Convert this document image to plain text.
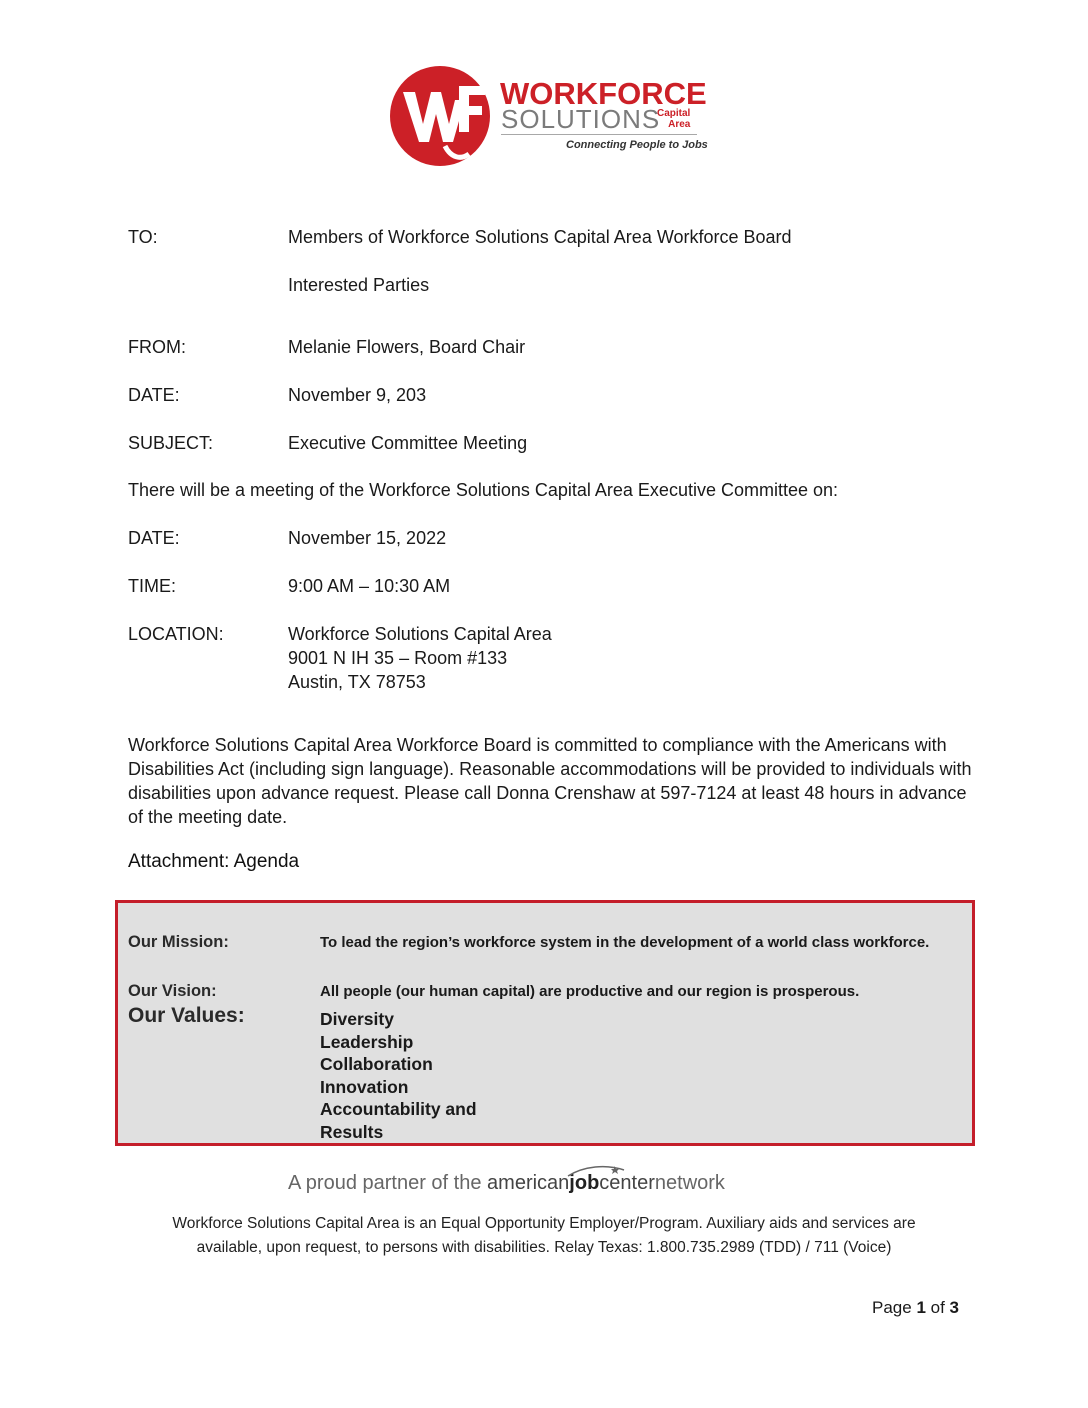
WORKFORCE
SOLUTIONS
Capital
Area
Connecting People to Jobs
TO:	Members of Workforce Solutions Capital Area Workforce Board
Interested Parties
FROM:	Melanie Flowers, Board Chair
DATE:	November 9, 203
SUBJECT:	Executive Committee Meeting
There will be a meeting of the Workforce Solutions Capital Area Executive Committee on:
DATE:	November 15, 2022
TIME:	9:00 AM – 10:30 AM
LOCATION:	Workforce Solutions Capital Area
9001 N IH 35 – Room #133
Austin, TX 78753
Workforce Solutions Capital Area Workforce Board is committed to compliance with the Americans with
Disabilities Act (including sign language). Reasonable accommodations will be provided to individuals with
disabilities upon advance request. Please call Donna Crenshaw at 597-7124 at least 48 hours in advance
of the meeting date.
Attachment: Agenda
Our Mission:	To lead the region’s workforce system in the development of a world class workforce.
Our Vision:	All people (our human capital) are productive and our region is prosperous.
Our Values:	Diversity
Leadership
Collaboration
Innovation
Accountability and
Results
A proud partner of the americanjobcenternetwork
Workforce Solutions Capital Area is an Equal Opportunity Employer/Program. Auxiliary aids and services are
available, upon request, to persons with disabilities. Relay Texas: 1.800.735.2989 (TDD) / 711 (Voice)
Page 1 of 3
